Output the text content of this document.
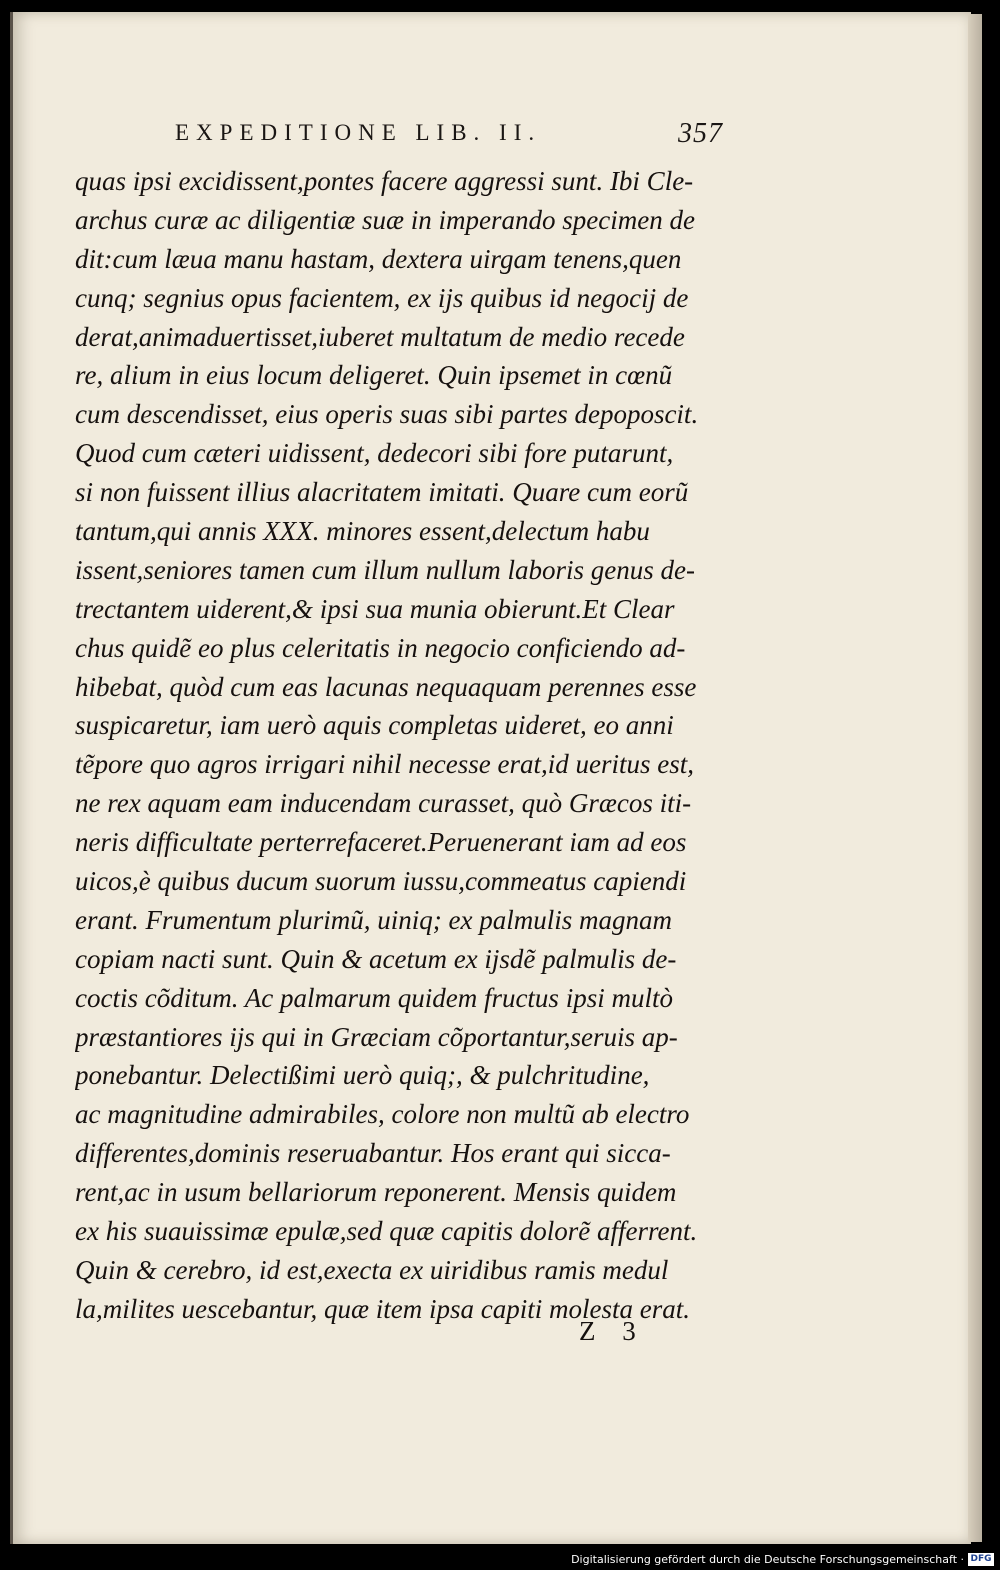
EXPEDITIONE LIB. II.	357
quas ipsi excidissent,pontes facere aggressi sunt. Ibi Cle-
archus curæ ac diligentiæ suæ in imperando specimen de
dit:cum læua manu hastam, dextera uirgam tenens,quen
cunq; segnius opus facientem, ex ijs quibus id negocij de
derat,animaduertisset,iuberet multatum de medio recede
re, alium in eius locum deligeret. Quin ipsemet in cœnũ
cum descendisset, eius operis suas sibi partes depoposcit.
Quod cum cæteri uidissent, dedecori sibi fore putarunt,
si non fuissent illius alacritatem imitati. Quare cum eorũ
tantum,qui annis XXX. minores essent,delectum habu
issent,seniores tamen cum illum nullum laboris genus de-
trectantem uiderent,& ipsi sua munia obierunt.Et Clear
chus quidẽ eo plus celeritatis in negocio conficiendo ad-
hibebat, quòd cum eas lacunas nequaquam perennes esse
suspicaretur, iam uerò aquis completas uideret, eo anni
tẽpore quo agros irrigari nihil necesse erat,id ueritus est,
ne rex aquam eam inducendam curasset, quò Græcos iti-
neris difficultate perterrefaceret.Peruenerant iam ad eos
uicos,è quibus ducum suorum iussu,commeatus capiendi
erant. Frumentum plurimũ, uiniq; ex palmulis magnam
copiam nacti sunt. Quin & acetum ex ijsdẽ palmulis de-
coctis cõditum. Ac palmarum quidem fructus ipsi multò
præstantiores ijs qui in Græciam cõportantur,seruis ap-
ponebantur. Delectißimi uerò quiq;, & pulchritudine,
ac magnitudine admirabiles, colore non multũ ab electro
differentes,dominis reseruabantur. Hos erant qui sicca-
rent,ac in usum bellariorum reponerent. Mensis quidem
ex his suauissimæ epulæ,sed quæ capitis dolorẽ afferrent.
Quin & cerebro, id est,execta ex uiridibus ramis medul
la,milites uescebantur, quæ item ipsa capiti molesta erat.
Z 3
Digitalisierung gefördert durch die Deutsche Forschungsgemeinschaft · DFG
